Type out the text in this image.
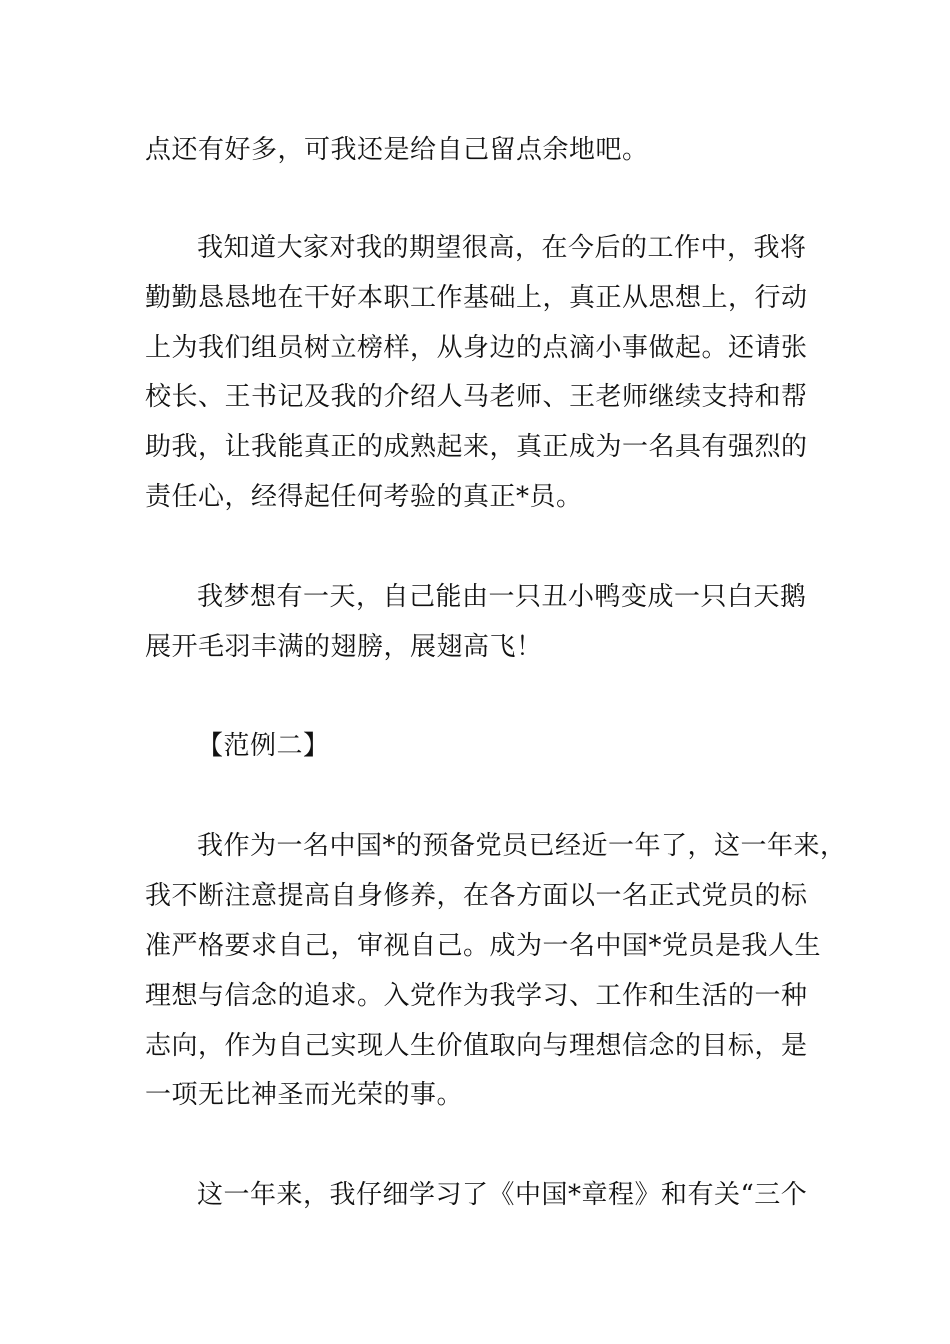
点还有好多，可我还是给自己留点余地吧。
我知道大家对我的期望很高，在今后的工作中，我将
勤勤恳恳地在干好本职工作基础上，真正从思想上，行动
上为我们组员树立榜样，从身边的点滴小事做起。还请张
校长、王书记及我的介绍人马老师、王老师继续支持和帮
助我，让我能真正的成熟起来，真正成为一名具有强烈的
责任心，经得起任何考验的真正*员。
我梦想有一天，自己能由一只丑小鸭变成一只白天鹅
展开毛羽丰满的翅膀，展翅高飞！
【范例二】
我作为一名中国*的预备党员已经近一年了，这一年来，
我不断注意提高自身修养，在各方面以一名正式党员的标
准严格要求自己，审视自己。成为一名中国*党员是我人生
理想与信念的追求。入党作为我学习、工作和生活的一种
志向，作为自己实现人生价值取向与理想信念的目标，是
一项无比神圣而光荣的事。
这一年来，我仔细学习了《中国*章程》和有关“三个
